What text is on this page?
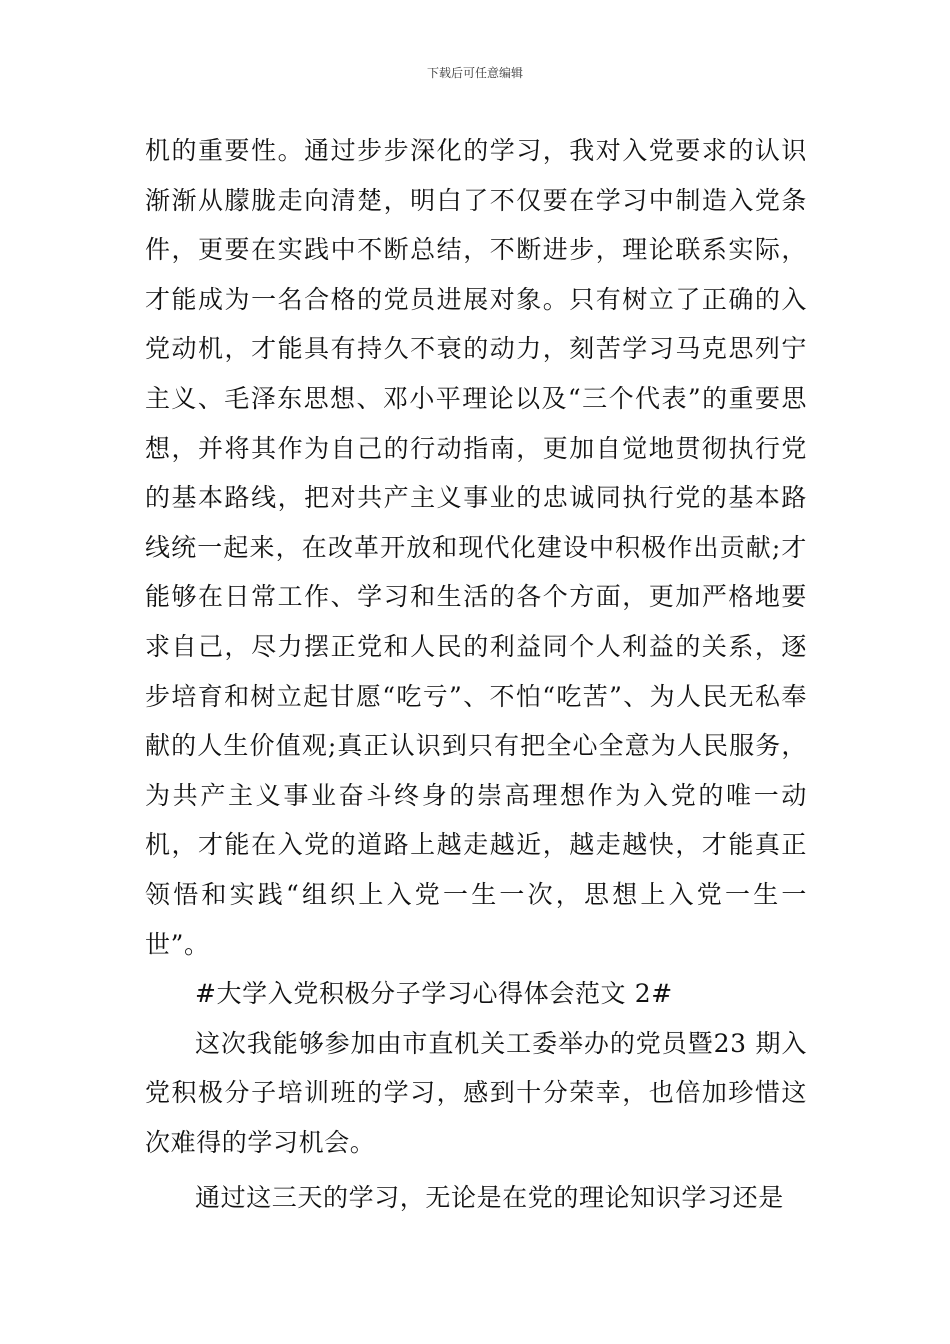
下载后可任意编辑

机的重要性。通过步步深化的学习，我对入党要求的认识渐渐从朦胧走向清楚，明白了不仅要在学习中制造入党条件，更要在实践中不断总结，不断进步，理论联系实际，才能成为一名合格的党员进展对象。只有树立了正确的入党动机，才能具有持久不衰的动力，刻苦学习马克思列宁主义、毛泽东思想、邓小平理论以及“三个代表”的重要思想，并将其作为自己的行动指南，更加自觉地贯彻执行党的基本路线，把对共产主义事业的忠诚同执行党的基本路线统一起来，在改革开放和现代化建设中积极作出贡献;才能够在日常工作、学习和生活的各个方面，更加严格地要求自己，尽力摆正党和人民的利益同个人利益的关系，逐步培育和树立起甘愿“吃亏”、不怕“吃苦”、为人民无私奉献的人生价值观;真正认识到只有把全心全意为人民服务，为共产主义事业奋斗终身的崇高理想作为入党的唯一动机，才能在入党的道路上越走越近，越走越快，才能真正领悟和实践“组织上入党一生一次，思想上入党一生一世”。

#大学入党积极分子学习心得体会范文 2#

这次我能够参加由市直机关工委举办的党员暨23 期入党积极分子培训班的学习，感到十分荣幸，也倍加珍惜这次难得的学习机会。

通过这三天的学习，无论是在党的理论知识学习还是
